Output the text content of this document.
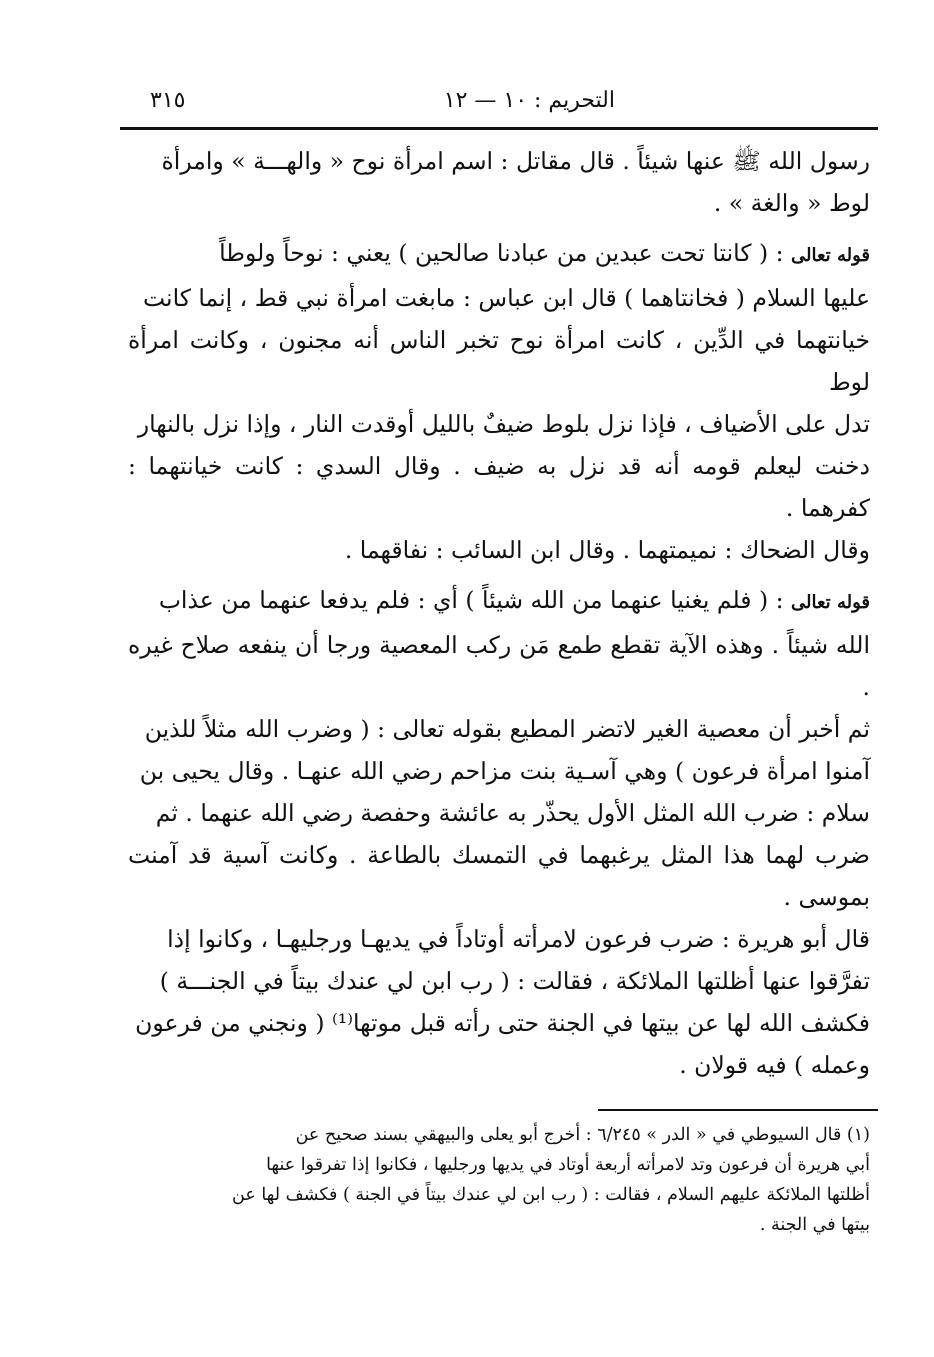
التحريم : ١٠ — ١٢
٣١٥

رسول الله ﷺ عنها شيئاً . قال مقاتل : اسم امرأة نوح « والهـــة » وامرأة
لوط « والغة » .

قوله تعالى : ( كانتا تحت عبدين من عبادنا صالحين ) يعني : نوحاً ولوطاً
عليها السلام ( فخانتاهما ) قال ابن عباس : مابغت امرأة نبي قط ، إنما كانت
خيانتهما في الدِّين ، كانت امرأة نوح تخبر الناس أنه مجنون ، وكانت امرأة لوط
تدل على الأضياف ، فإذا نزل بلوط ضيفٌ بالليل أوقدت النار ، وإذا نزل بالنهار
دخنت ليعلم قومه أنه قد نزل به ضيف . وقال السدي : كانت خيانتهما : كفرهما .
وقال الضحاك : نميمتهما . وقال ابن السائب : نفاقهما .

قوله تعالى : ( فلم يغنيا عنهما من الله شيئاً ) أي : فلم يدفعا عنهما من عذاب
الله شيئاً . وهذه الآية تقطع طمع مَن ركب المعصية ورجا أن ينفعه صلاح غيره .
ثم أخبر أن معصية الغير لاتضر المطيع بقوله تعالى : ( وضرب الله مثلاً للذين
آمنوا امرأة فرعون ) وهي آسـية بنت مزاحم رضي الله عنهـا . وقال يحيى بن
سلام : ضرب الله المثل الأول يحذّر به عائشة وحفصة رضي الله عنهما . ثم
ضرب لهما هذا المثل يرغبهما في التمسك بالطاعة . وكانت آسية قد آمنت بموسى .
قال أبو هريرة : ضرب فرعون لامرأته أوتاداً في يديهـا ورجليهـا ، وكانوا إذا
تفرَّقوا عنها أظلتها الملائكة ، فقالت : ( رب ابن لي عندك بيتاً في الجنـــة )
فكشف الله لها عن بيتها في الجنة حتى رأته قبل موتها⁽¹⁾ ( ونجني من فرعون
وعمله ) فيه قولان .

(١) قال السيوطي في « الدر » ٦/٢٤٥ : أخرج أبو يعلى والبيهقي بسند صحيح عن
أبي هريرة أن فرعون وتد لامرأته أربعة أوتاد في يديها ورجليها ، فكانوا إذا تفرقوا عنها
أظلتها الملائكة عليهم السلام ، فقالت : ( رب ابن لي عندك بيتاً في الجنة ) فكشف لها عن
بيتها في الجنة .
